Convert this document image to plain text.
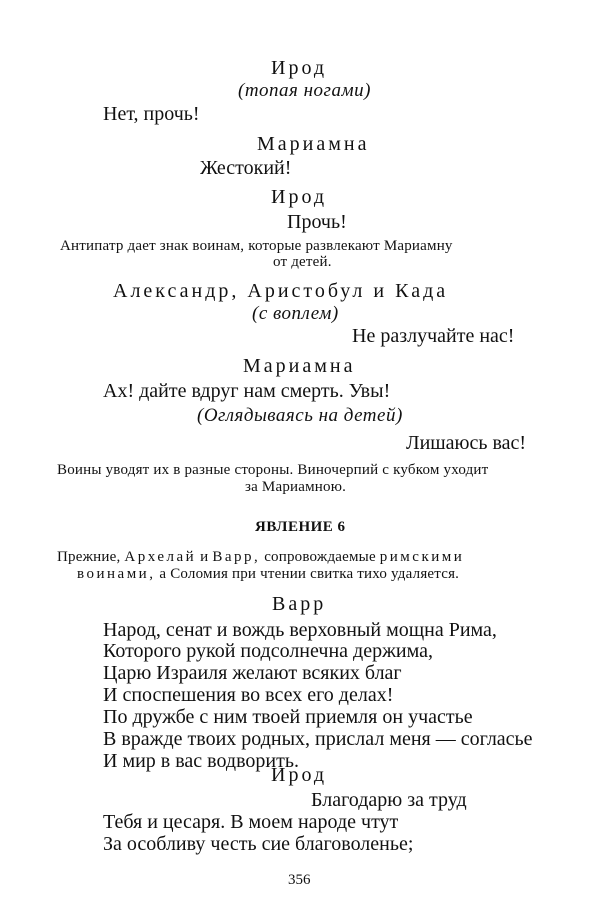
Ирод
(топая ногами)
Нет, прочь!
Мариамна
Жестокий!
Ирод
Прочь!
Антипатр дает знак воинам, которые развлекают Мариамну
от детей.
Александр, Аристобул и Када
(с воплем)
Не разлучайте нас!
Мариамна
Ах! дайте вдруг нам смерть. Увы!
(Оглядываясь на детей)
Лишаюсь вас!
Воины уводят их в разные стороны. Виночерпий с кубком уходит
за Мариамною.
ЯВЛЕНИЕ 6
Прежние, Архелай и Варр, сопровождаемые римскими
воинами, а Соломия при чтении свитка тихо удаляется.
Варр
Народ, сенат и вождь верховный мощна Рима,
Которого рукой подсолнечна держима,
Царю Израиля желают всяких благ
И споспешения во всех его делах!
По дружбе с ним твоей приемля он участье
В вражде твоих родных, прислал меня — согласье
И мир в вас водворить.
Ирод
Благодарю за труд
Тебя и цесаря. В моем народе чтут
За особливу честь сие благоволенье;
356
